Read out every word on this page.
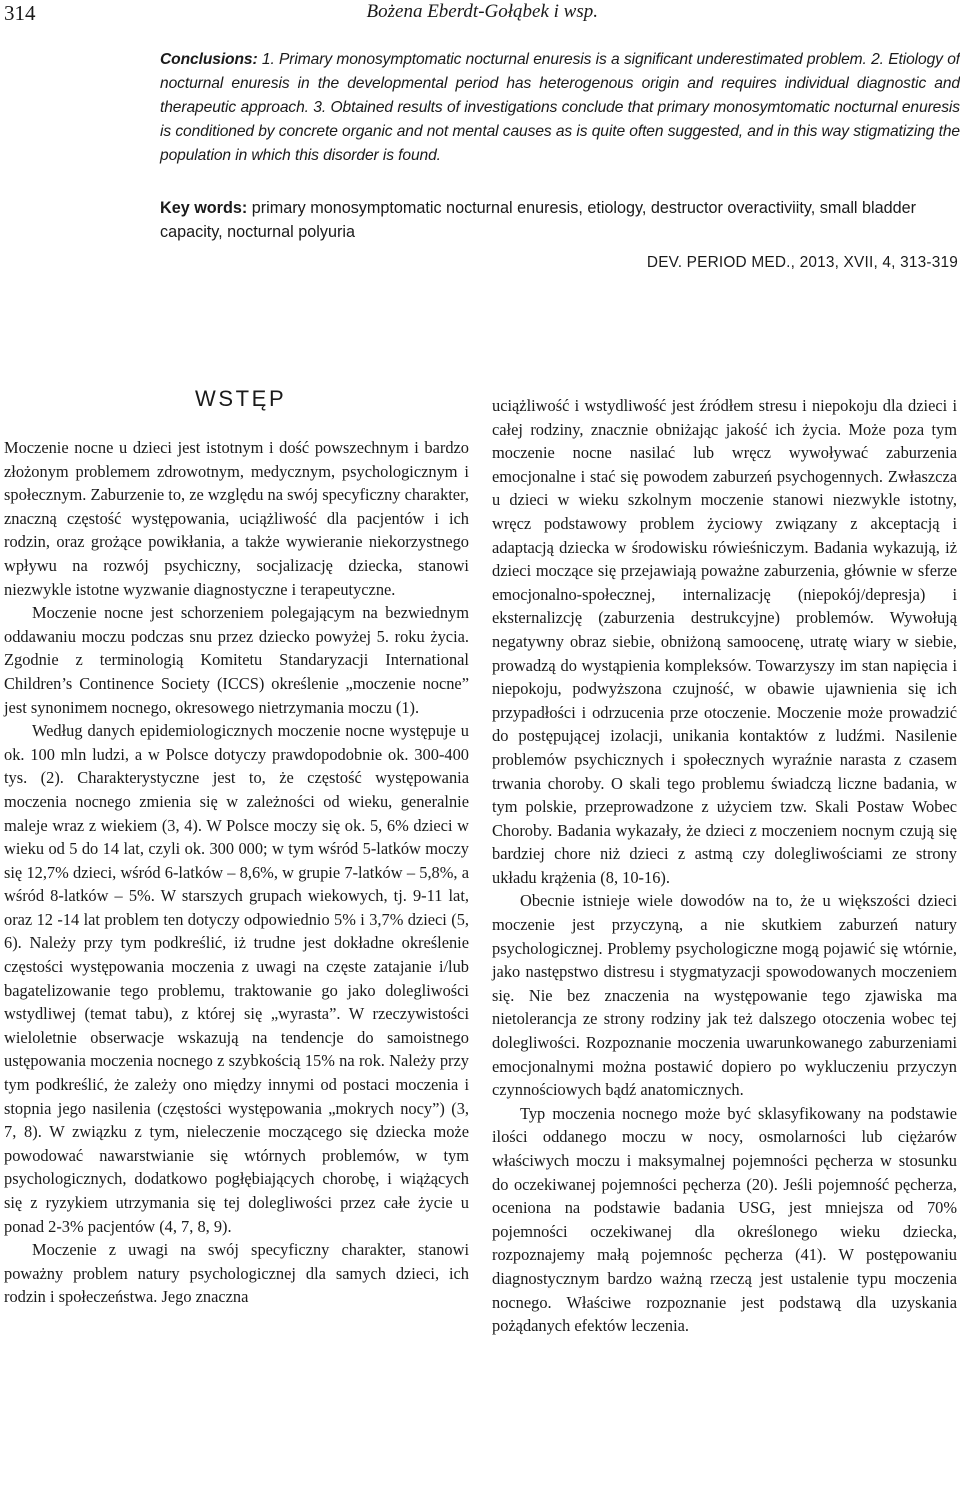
314	Bożena Eberdt-Gołąbek i wsp.
Conclusions: 1. Primary monosymptomatic nocturnal enuresis is a significant underestimated problem. 2. Etiology of nocturnal enuresis in the developmental period has heterogenous origin and requires individual diagnostic and therapeutic approach. 3. Obtained results of investigations conclude that primary monosymtomatic nocturnal enuresis is conditioned by concrete organic and not mental causes as is quite often suggested, and in this way stigmatizing the population in which this disorder is found.
Key words: primary monosymptomatic nocturnal enuresis, etiology, destructor overactiviity, small bladder capacity, nocturnal polyuria
DEV. PERIOD MED., 2013, XVII, 4, 313-319
WSTĘP

Moczenie nocne u dzieci jest istotnym i dość powszechnym i bardzo złożonym problemem zdrowotnym, medycznym, psychologicznym i społecznym. Zaburzenie to, ze względu na swój specyficzny charakter, znaczną częstość występowania, uciążliwość dla pacjentów i ich rodzin, oraz grożące powikłania, a także wywieranie niekorzystnego wpływu na rozwój psychiczny, socjalizację dziecka, stanowi niezwykle istotne wyzwanie diagnostyczne i terapeutyczne.

Moczenie nocne jest schorzeniem polegającym na bezwiednym oddawaniu moczu podczas snu przez dziecko powyżej 5. roku życia. Zgodnie z terminologią Komitetu Standaryzacji International Children’s Continence Society (ICCS) określenie „moczenie nocne” jest synonimem nocnego, okresowego nietrzymania moczu (1).

Według danych epidemiologicznych moczenie nocne występuje u ok. 100 mln ludzi, a w Polsce dotyczy prawdopodobnie ok. 300-400 tys. (2). Charakterystyczne jest to, że częstość występowania moczenia nocnego zmienia się w zależności od wieku, generalnie maleje wraz z wiekiem (3, 4). W Polsce moczy się ok. 5, 6% dzieci w wieku od 5 do 14 lat, czyli ok. 300 000; w tym wśród 5-latków moczy się 12,7% dzieci, wśród 6-latków – 8,6%, w grupie 7-latków – 5,8%, a wśród 8-latków – 5%. W starszych grupach wiekowych, tj. 9-11 lat, oraz 12 -14 lat problem ten dotyczy odpowiednio 5% i 3,7% dzieci (5, 6). Należy przy tym podkreślić, iż trudne jest dokładne określenie częstości występowania moczenia z uwagi na częste zatajanie i/lub bagatelizowanie tego problemu, traktowanie go jako dolegliwości wstydliwej (temat tabu), z której się „wyrasta”. W rzeczywistości wieloletnie obserwacje wskazują na tendencje do samoistnego ustępowania moczenia nocnego z szybkością 15% na rok. Należy przy tym podkreślić, że zależy ono między innymi od postaci moczenia i stopnia jego nasilenia (częstości występowania „mokrych nocy”) (3, 7, 8). W związku z tym, nieleczenie moczącego się dziecka może powodować nawarstwianie się wtórnych problemów, w tym psychologicznych, dodatkowo pogłębiających chorobę, i wiążących się z ryzykiem utrzymania się tej dolegliwości przez całe życie u ponad 2-3% pacjentów (4, 7, 8, 9).

Moczenie z uwagi na swój specyficzny charakter, stanowi poważny problem natury psychologicznej dla samych dzieci, ich rodzin i społeczeństwa. Jego znaczna

uciążliwość i wstydliwość jest źródłem stresu i niepokoju dla dzieci i całej rodziny, znacznie obniżając jakość ich życia. Może poza tym moczenie nocne nasilać lub wręcz wywoływać zaburzenia emocjonalne i stać się powodem zaburzeń psychogennych. Zwłaszcza u dzieci w wieku szkolnym moczenie stanowi niezwykle istotny, wręcz podstawowy problem życiowy związany z akceptacją i adaptacją dziecka w środowisku rówieśniczym. Badania wykazują, iż dzieci moczące się przejawiają poważne zaburzenia, głównie w sferze emocjonalno-społecznej, internalizację (niepokój/depresja) i eksternalizcję (zaburzenia destrukcyjne) problemów. Wywołują negatywny obraz siebie, obniżoną samoocenę, utratę wiary w siebie, prowadzą do wystąpienia kompleksów. Towarzyszy im stan napięcia i niepokoju, podwyższona czujność, w obawie ujawnienia się ich przypadłości i odrzucenia prze otoczenie. Moczenie może prowadzić do postępującej izolacji, unikania kontaktów z ludźmi. Nasilenie problemów psychicznych i społecznych wyraźnie narasta z czasem trwania choroby. O skali tego problemu świadczą liczne badania, w tym polskie, przeprowadzone z użyciem tzw. Skali Postaw Wobec Choroby. Badania wykazały, że dzieci z moczeniem nocnym czują się bardziej chore niż dzieci z astmą czy dolegliwościami ze strony układu krążenia (8, 10-16).

Obecnie istnieje wiele dowodów na to, że u większości dzieci moczenie jest przyczyną, a nie skutkiem zaburzeń natury psychologicznej. Problemy psychologiczne mogą pojawić się wtórnie, jako następstwo distresu i stygmatyzacji spowodowanych moczeniem się. Nie bez znaczenia na występowanie tego zjawiska ma nietolerancja ze strony rodziny jak też dalszego otoczenia wobec tej dolegliwości. Rozpoznanie moczenia uwarunkowanego zaburzeniami emocjonalnymi można postawić dopiero po wykluczeniu przyczyn czynnościowych bądź anatomicznych.

Typ moczenia nocnego może być sklasyfikowany na podstawie ilości oddanego moczu w nocy, osmolarności lub ciężarów właściwych moczu i maksymalnej pojemności pęcherza w stosunku do oczekiwanej pojemności pęcherza (20). Jeśli pojemność pęcherza, oceniona na podstawie badania USG, jest mniejsza od 70% pojemności oczekiwanej dla określonego wieku dziecka, rozpoznajemy małą pojemnośc pęcherza (41). W postępowaniu diagnostycznym bardzo ważną rzeczą jest ustalenie typu moczenia nocnego. Właściwe rozpoznanie jest podstawą dla uzyskania pożądanych efektów leczenia.
